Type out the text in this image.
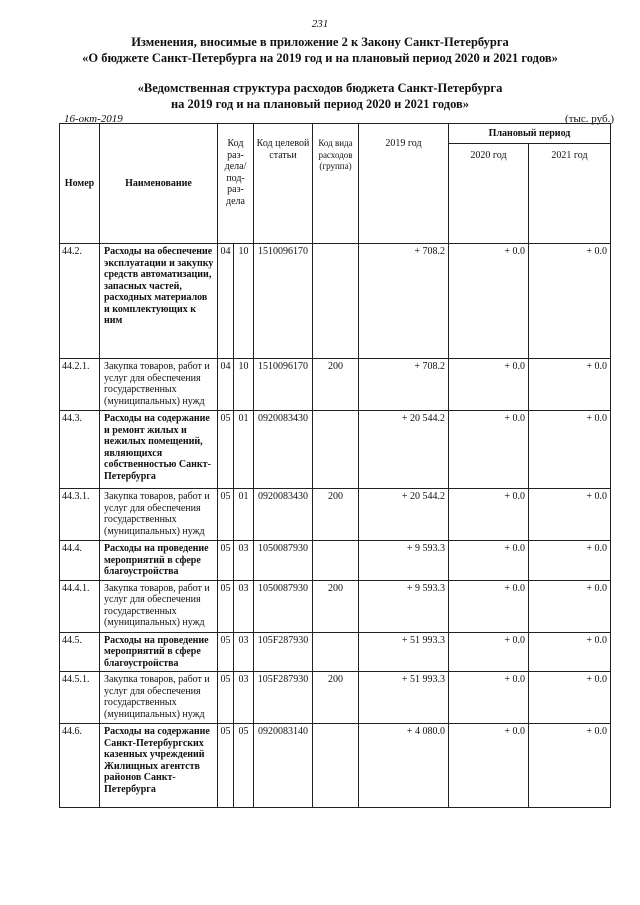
231
Изменения, вносимые в приложение 2 к Закону Санкт-Петербурга
«О бюджете Санкт-Петербурга на 2019 год и на плановый период 2020 и 2021 годов»
«Ведомственная структура расходов бюджета Санкт-Петербурга
на 2019 год и на плановый период 2020 и 2021 годов»
16-окт-2019	(тыс. руб.)
Номер	Наименование	Код раз-дела/ под-раз-дела		Код целевой статьи	Код вида расходов (группа)	2019 год	Плановый период	
							2020 год	2021 год
44.2.	Расходы на обеспечение эксплуатации и закупку средств автоматизации, запасных частей, расходных материалов и комплектующих к ним	04	10	1510096170		+ 708.2	+ 0.0	+ 0.0
44.2.1.	Закупка товаров, работ и услуг для обеспечения государственных (муниципальных) нужд	04	10	1510096170	200	+ 708.2	+ 0.0	+ 0.0
44.3.	Расходы на содержание и ремонт жилых и нежилых помещений, являющихся собственностью Санкт-Петербурга	05	01	0920083430		+ 20 544.2	+ 0.0	+ 0.0
44.3.1.	Закупка товаров, работ и услуг для обеспечения государственных (муниципальных) нужд	05	01	0920083430	200	+ 20 544.2	+ 0.0	+ 0.0
44.4.	Расходы на проведение мероприятий в сфере благоустройства	05	03	1050087930		+ 9 593.3	+ 0.0	+ 0.0
44.4.1.	Закупка товаров, работ и услуг для обеспечения государственных (муниципальных) нужд	05	03	1050087930	200	+ 9 593.3	+ 0.0	+ 0.0
44.5.	Расходы на проведение мероприятий в сфере благоустройства	05	03	105F287930		+ 51 993.3	+ 0.0	+ 0.0
44.5.1.	Закупка товаров, работ и услуг для обеспечения государственных (муниципальных) нужд	05	03	105F287930	200	+ 51 993.3	+ 0.0	+ 0.0
44.6.	Расходы на содержание Санкт-Петербургских казенных учреждений Жилищных агентств районов Санкт-Петербурга	05	05	0920083140		+ 4 080.0	+ 0.0	+ 0.0
